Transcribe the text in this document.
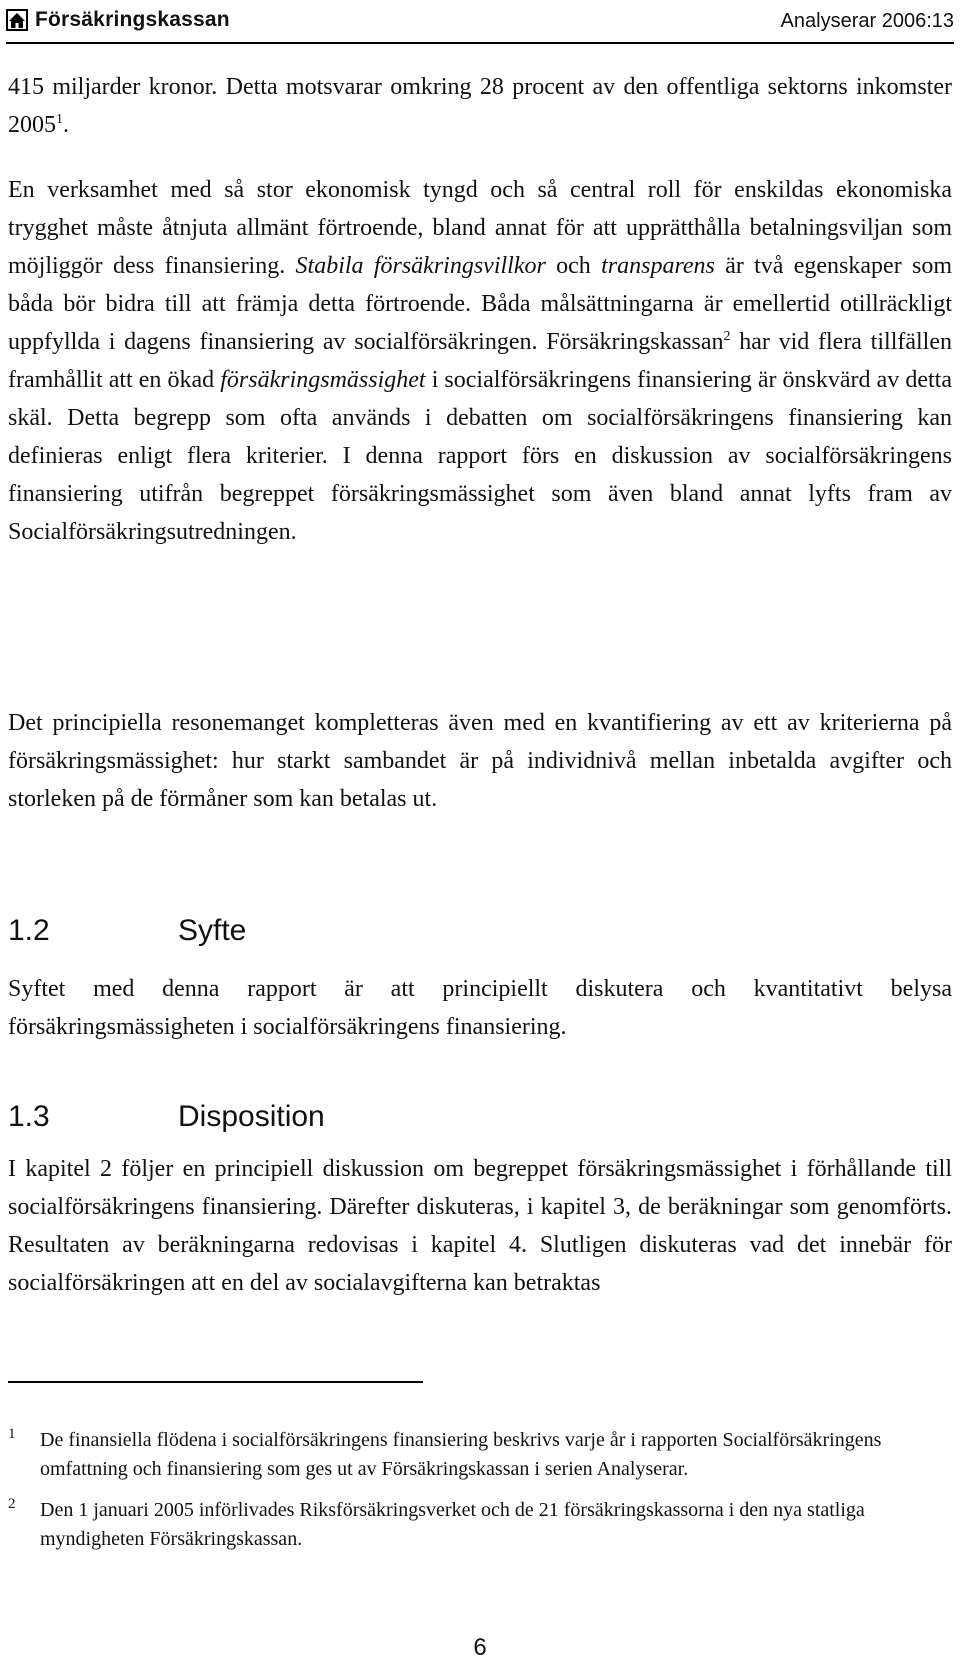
Försäkringskassan	Analyserar 2006:13

415 miljarder kronor. Detta motsvarar omkring 28 procent av den offentliga sektorns inkomster 2005$^1$.

En verksamhet med så stor ekonomisk tyngd och så central roll för enskildas ekonomiska trygghet måste åtnjuta allmänt förtroende, bland annat för att upprätthålla betalningsviljan som möjliggör dess finansiering. Stabila försäkringsvillkor och transparens är två egenskaper som båda bör bidra till att främja detta förtroende. Båda målsättningarna är emellertid otillräckligt uppfyllda i dagens finansiering av socialförsäkringen. Försäkringskassan$^2$ har vid flera tillfällen framhållit att en ökad försäkringsmässighet i socialförsäkringens finansiering är önskvärd av detta skäl. Detta begrepp som ofta används i debatten om socialförsäkringens finansiering kan definieras enligt flera kriterier. I denna rapport förs en diskussion av socialförsäkringens finansiering utifrån begreppet försäkringsmässighet som även bland annat lyfts fram av Socialförsäkringsutredningen.

Det principiella resonemanget kompletteras även med en kvantifiering av ett av kriterierna på försäkringsmässighet: hur starkt sambandet är på individnivå mellan inbetalda avgifter och storleken på de förmåner som kan betalas ut.

1.2	Syfte

Syftet med denna rapport är att principiellt diskutera och kvantitativt belysa försäkringsmässigheten i socialförsäkringens finansiering.

1.3	Disposition

I kapitel 2 följer en principiell diskussion om begreppet försäkringsmässighet i förhållande till socialförsäkringens finansiering. Därefter diskuteras, i kapitel 3, de beräkningar som genomförts. Resultaten av beräkningarna redovisas i kapitel 4. Slutligen diskuteras vad det innebär för socialförsäkringen att en del av socialavgifterna kan betraktas

1 De finansiella flödena i socialförsäkringens finansiering beskrivs varje år i rapporten Socialförsäkringens omfattning och finansiering som ges ut av Försäkringskassan i serien Analyserar.
2 Den 1 januari 2005 införlivades Riksförsäkringsverket och de 21 försäkringskassorna i den nya statliga myndigheten Försäkringskassan.
6
